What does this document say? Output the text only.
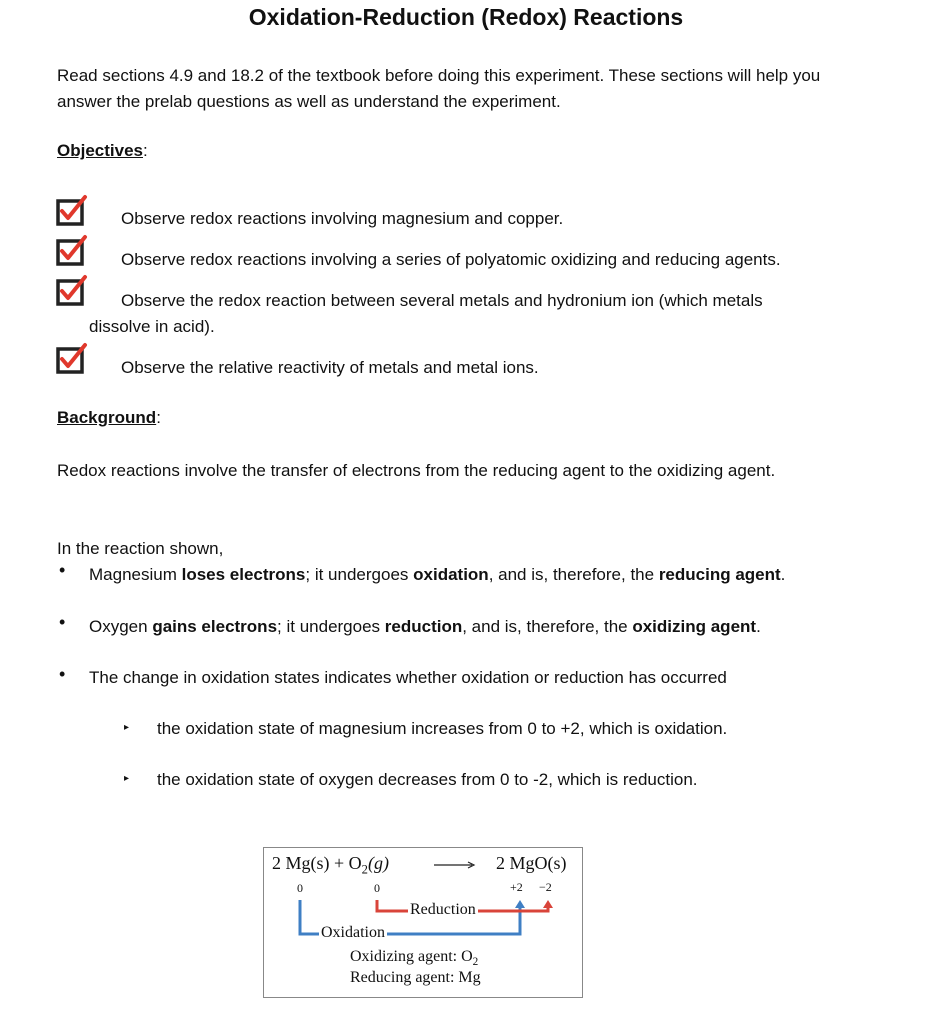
Oxidation-Reduction (Redox) Reactions
Read sections 4.9 and 18.2 of the textbook before doing this experiment. These sections will help you answer the prelab questions as well as understand the experiment.
Objectives:
Observe redox reactions involving magnesium and copper.
Observe redox reactions involving a series of polyatomic oxidizing and reducing agents.
Observe the redox reaction between several metals and hydronium ion (which metals
dissolve in acid).
Observe the relative reactivity of metals and metal ions.
Background:
Redox reactions involve the transfer of electrons from the reducing agent to the oxidizing agent.
In the reaction shown,
• Magnesium loses electrons; it undergoes oxidation, and is, therefore, the reducing agent.
• Oxygen gains electrons; it undergoes reduction, and is, therefore, the oxidizing agent.
• The change in oxidation states indicates whether oxidation or reduction has occurred
▸ the oxidation state of magnesium increases from 0 to +2, which is oxidation.
▸ the oxidation state of oxygen decreases from 0 to -2, which is reduction.
2 $Mg(s) + O_2(g)$	2 MgO(s)
0	0	+2 −2
Reduction
Oxidation
Oxidizing agent: $O_2$
Reducing agent: Mg
